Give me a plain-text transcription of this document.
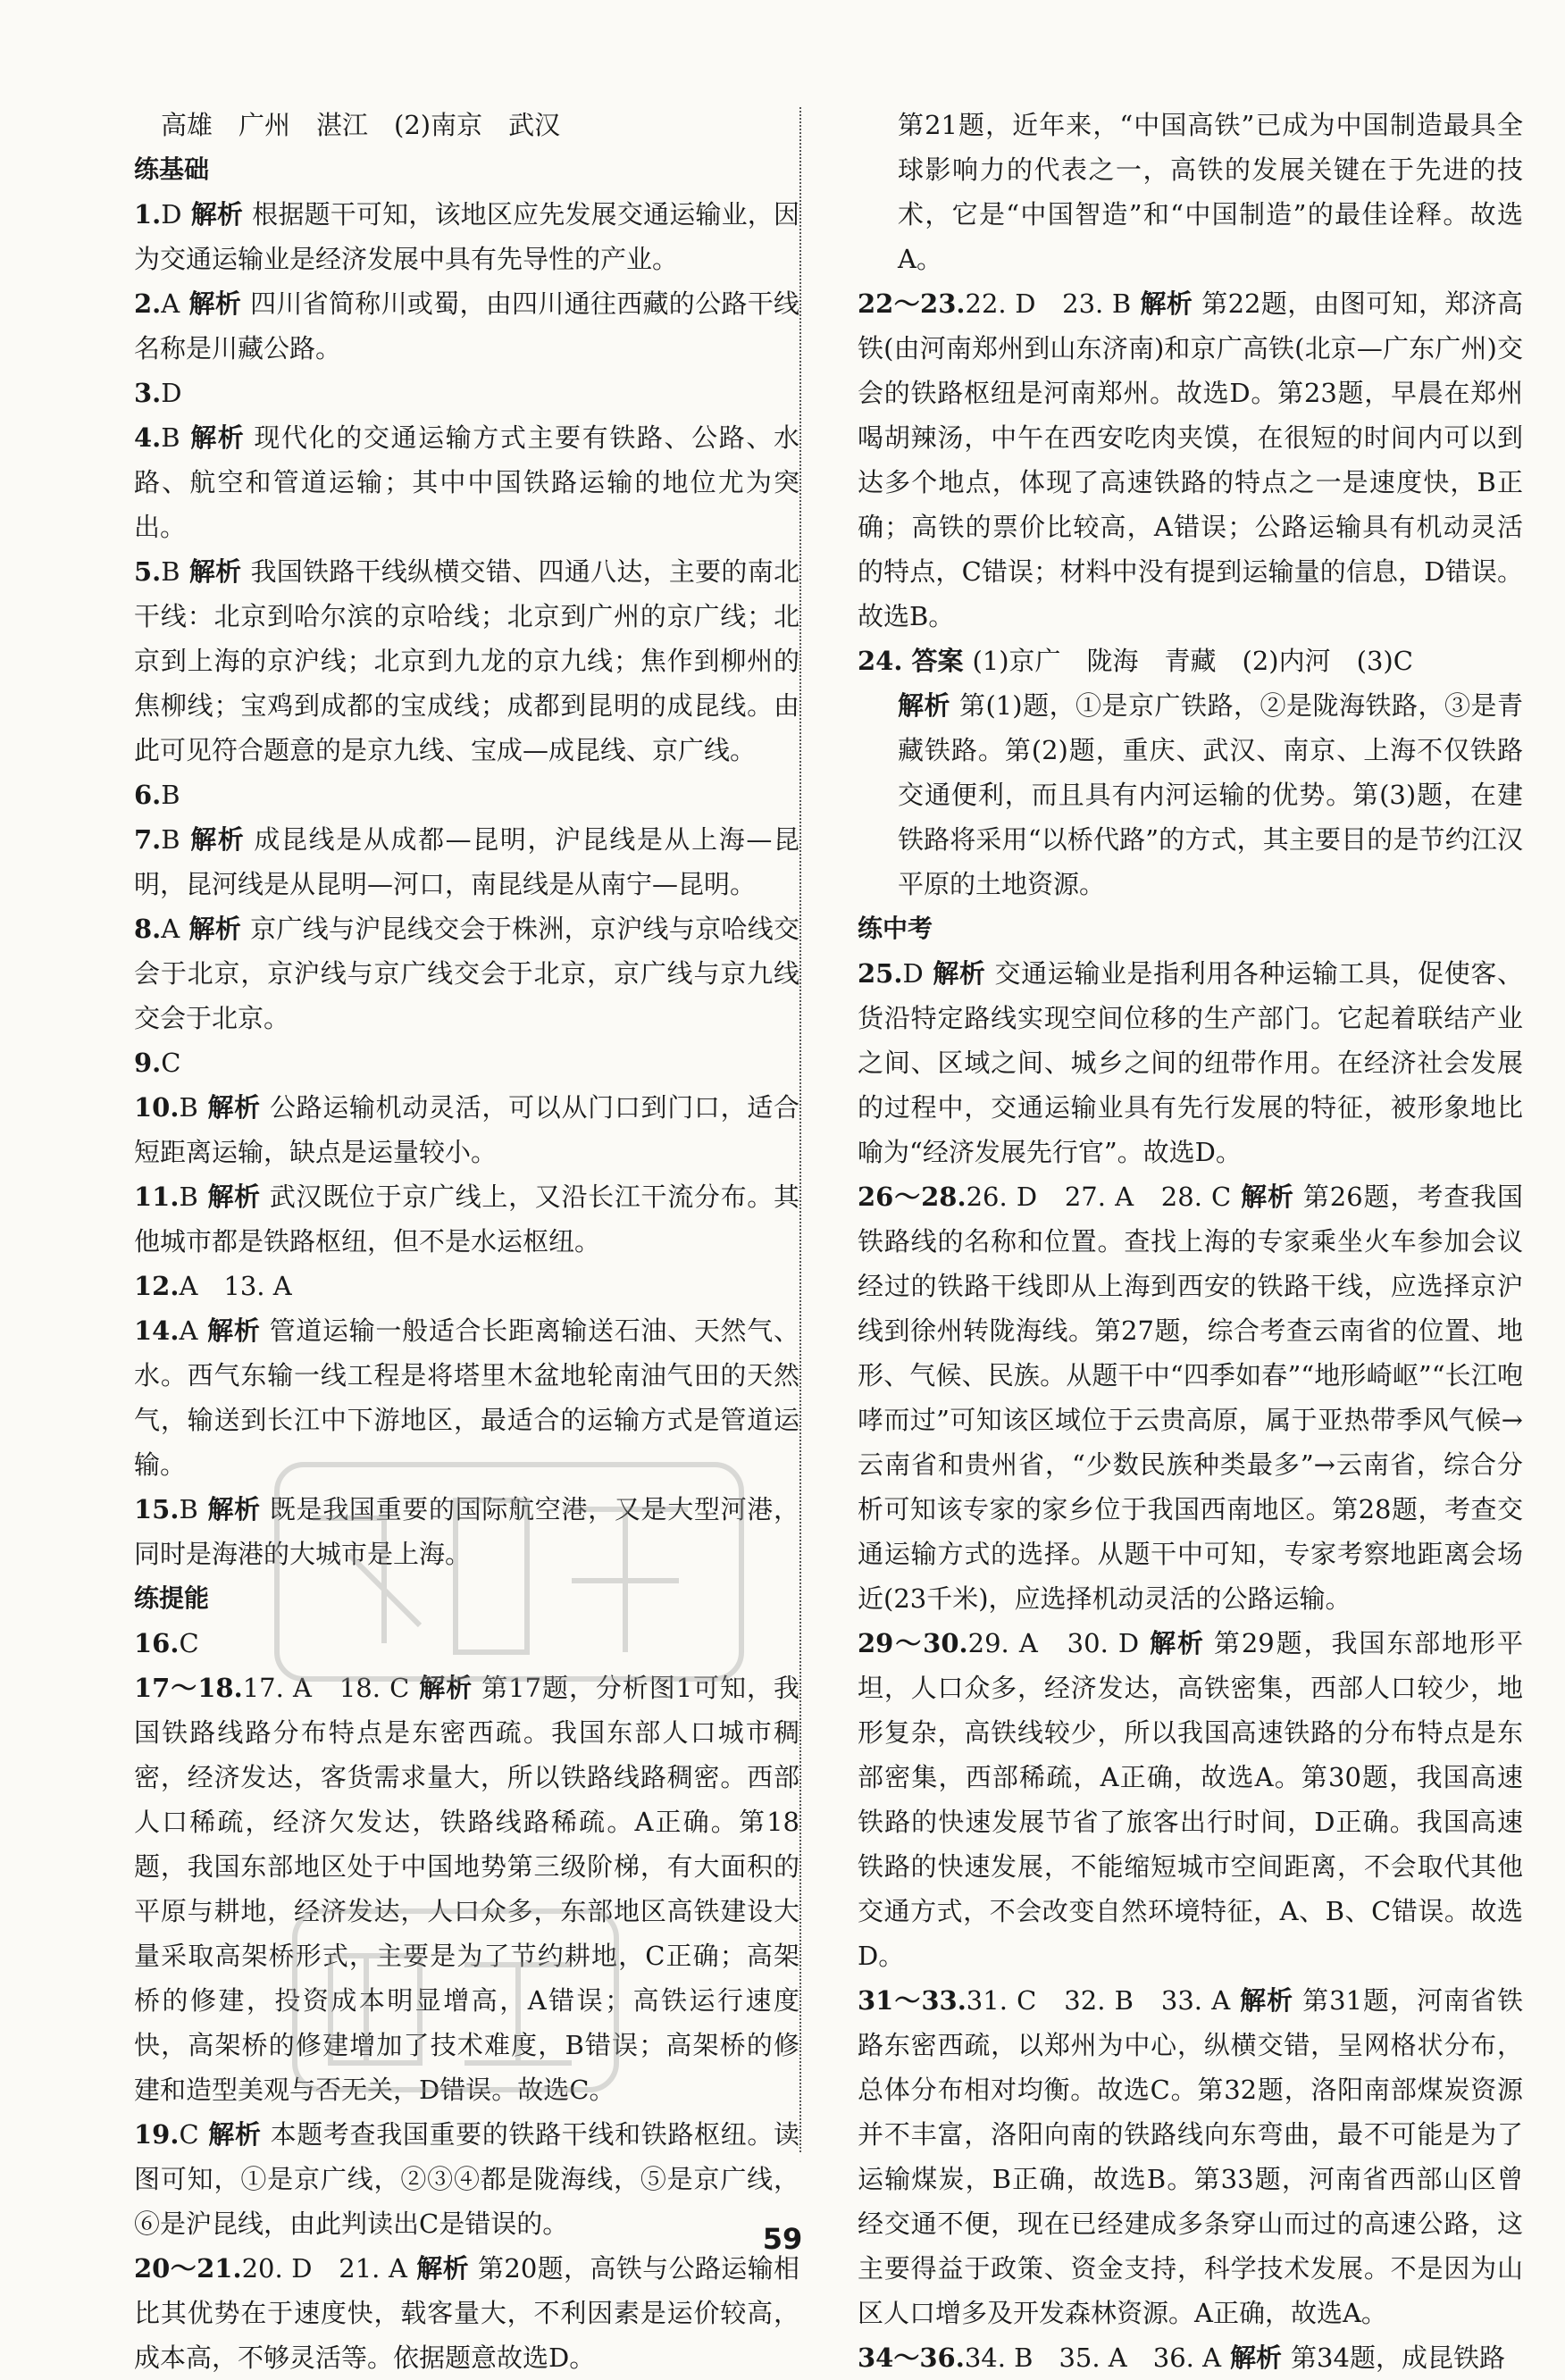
高雄　广州　湛江　(2)南京　武汉

练基础

1.D 解析 根据题干可知，该地区应先发展交通运输业，因为交通运输业是经济发展中具有先导性的产业。

2.A 解析 四川省简称川或蜀，由四川通往西藏的公路干线名称是川藏公路。

3.D

4.B 解析 现代化的交通运输方式主要有铁路、公路、水路、航空和管道运输；其中中国铁路运输的地位尤为突出。

5.B 解析 我国铁路干线纵横交错、四通八达，主要的南北干线：北京到哈尔滨的京哈线；北京到广州的京广线；北京到上海的京沪线；北京到九龙的京九线；焦作到柳州的焦柳线；宝鸡到成都的宝成线；成都到昆明的成昆线。由此可见符合题意的是京九线、宝成—成昆线、京广线。

6.B

7.B 解析 成昆线是从成都—昆明，沪昆线是从上海—昆明，昆河线是从昆明—河口，南昆线是从南宁—昆明。

8.A 解析 京广线与沪昆线交会于株洲，京沪线与京哈线交会于北京，京沪线与京广线交会于北京，京广线与京九线交会于北京。

9.C

10.B 解析 公路运输机动灵活，可以从门口到门口，适合短距离运输，缺点是运量较小。

11.B 解析 武汉既位于京广线上，又沿长江干流分布。其他城市都是铁路枢纽，但不是水运枢纽。

12.A　13. A

14.A 解析 管道运输一般适合长距离输送石油、天然气、水。西气东输一线工程是将塔里木盆地轮南油气田的天然气，输送到长江中下游地区，最适合的运输方式是管道运输。

15.B 解析 既是我国重要的国际航空港，又是大型河港，同时是海港的大城市是上海。

练提能

16.C

17～18.17. A　18. C 解析 第17题，分析图1可知，我国铁路线路分布特点是东密西疏。我国东部人口城市稠密，经济发达，客货需求量大，所以铁路线路稠密。西部人口稀疏，经济欠发达，铁路线路稀疏。A正确。第18题，我国东部地区处于中国地势第三级阶梯，有大面积的平原与耕地，经济发达，人口众多，东部地区高铁建设大量采取高架桥形式，主要是为了节约耕地，C正确；高架桥的修建，投资成本明显增高，A错误；高铁运行速度快，高架桥的修建增加了技术难度，B错误；高架桥的修建和造型美观与否无关，D错误。故选C。

19.C 解析 本题考查我国重要的铁路干线和铁路枢纽。读图可知，①是京广线，②③④都是陇海线，⑤是京广线，⑥是沪昆线，由此判读出C是错误的。

20～21.20. D　21. A 解析 第20题，高铁与公路运输相比其优势在于速度快，载客量大，不利因素是运价较高，成本高，不够灵活等。依据题意故选D。

第21题，近年来，“中国高铁”已成为中国制造最具全球影响力的代表之一，高铁的发展关键在于先进的技术，它是“中国智造”和“中国制造”的最佳诠释。故选A。

22～23.22. D　23. B 解析 第22题，由图可知，郑济高铁(由河南郑州到山东济南)和京广高铁(北京—广东广州)交会的铁路枢纽是河南郑州。故选D。第23题，早晨在郑州喝胡辣汤，中午在西安吃肉夹馍，在很短的时间内可以到达多个地点，体现了高速铁路的特点之一是速度快，B正确；高铁的票价比较高，A错误；公路运输具有机动灵活的特点，C错误；材料中没有提到运输量的信息，D错误。故选B。

24. 答案 (1)京广　陇海　青藏　(2)内河　(3)C

解析 第(1)题，①是京广铁路，②是陇海铁路，③是青藏铁路。第(2)题，重庆、武汉、南京、上海不仅铁路交通便利，而且具有内河运输的优势。第(3)题，在建铁路将采用“以桥代路”的方式，其主要目的是节约江汉平原的土地资源。

练中考

25.D 解析 交通运输业是指利用各种运输工具，促使客、货沿特定路线实现空间位移的生产部门。它起着联结产业之间、区域之间、城乡之间的纽带作用。在经济社会发展的过程中，交通运输业具有先行发展的特征，被形象地比喻为“经济发展先行官”。故选D。

26～28.26. D　27. A　28. C 解析 第26题，考查我国铁路线的名称和位置。查找上海的专家乘坐火车参加会议经过的铁路干线即从上海到西安的铁路干线，应选择京沪线到徐州转陇海线。第27题，综合考查云南省的位置、地形、气候、民族。从题干中“四季如春”“地形崎岖”“长江咆哮而过”可知该区域位于云贵高原，属于亚热带季风气候→云南省和贵州省，“少数民族种类最多”→云南省，综合分析可知该专家的家乡位于我国西南地区。第28题，考查交通运输方式的选择。从题干中可知，专家考察地距离会场近(23千米)，应选择机动灵活的公路运输。

29～30.29. A　30. D 解析 第29题，我国东部地形平坦，人口众多，经济发达，高铁密集，西部人口较少，地形复杂，高铁线较少，所以我国高速铁路的分布特点是东部密集，西部稀疏，A正确，故选A。第30题，我国高速铁路的快速发展节省了旅客出行时间，D正确。我国高速铁路的快速发展，不能缩短城市空间距离，不会取代其他交通方式，不会改变自然环境特征，A、B、C错误。故选D。

31～33.31. C　32. B　33. A 解析 第31题，河南省铁路东密西疏，以郑州为中心，纵横交错，呈网格状分布，总体分布相对均衡。故选C。第32题，洛阳南部煤炭资源并不丰富，洛阳向南的铁路线向东弯曲，最不可能是为了运输煤炭，B正确，故选B。第33题，河南省西部山区曾经交通不便，现在已经建成多条穿山而过的高速公路，这主要得益于政策、资金支持，科学技术发展。不是因为山区人口增多及开发森林资源。A正确，故选A。

34～36.34. B　35. A　36. A 解析 第34题，成昆铁路

59
